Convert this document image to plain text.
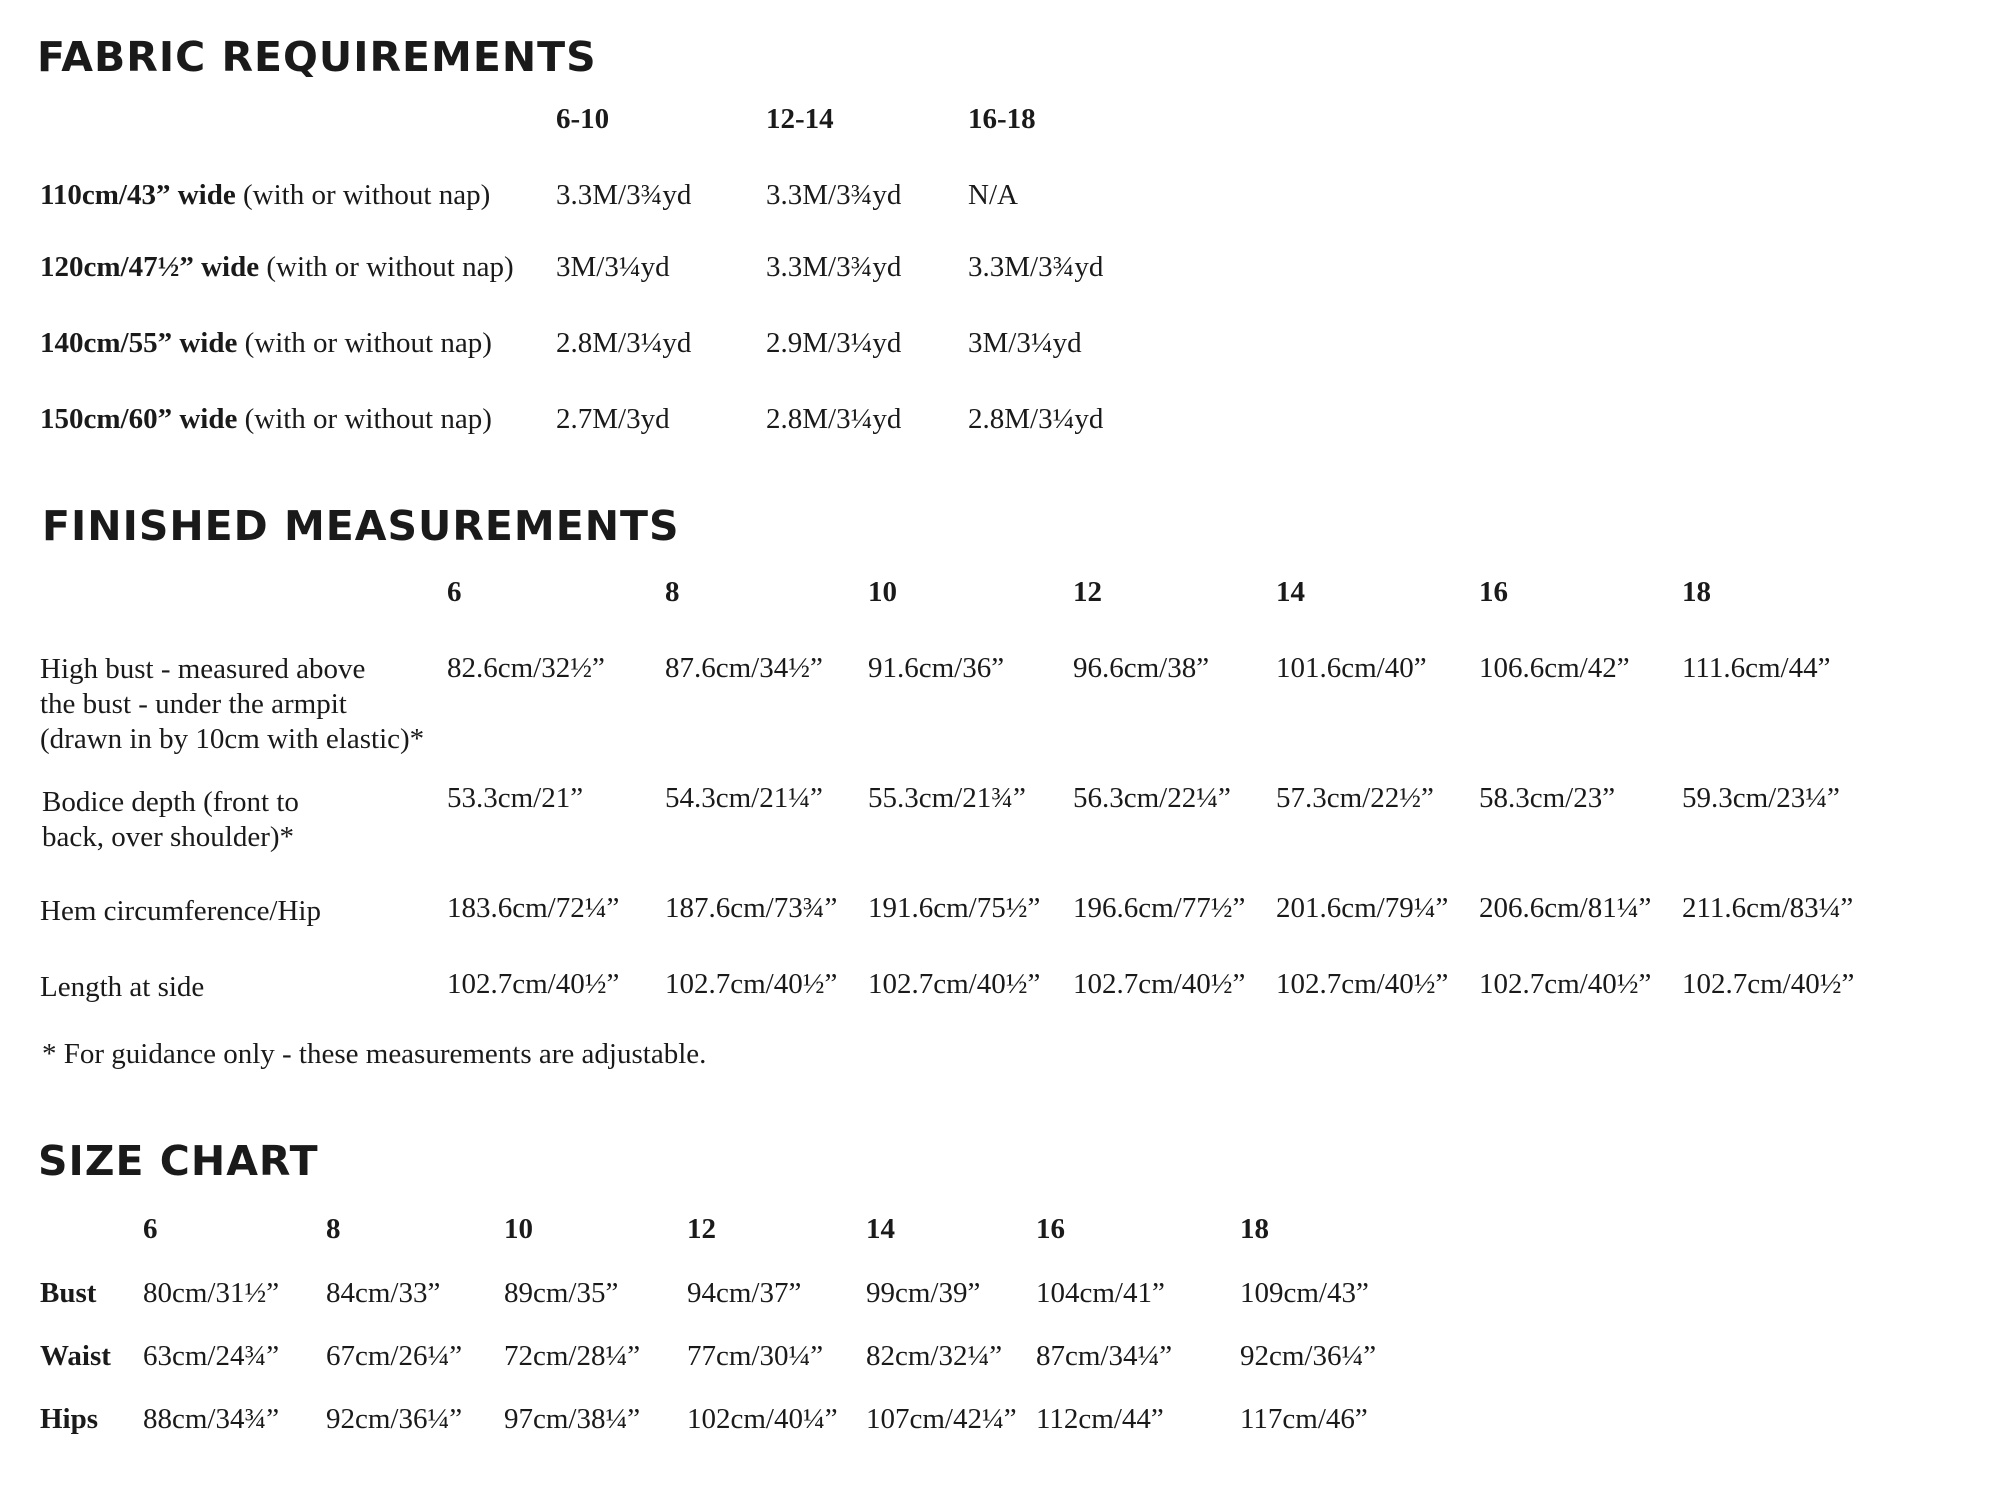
FABRIC REQUIREMENTS
6-10	12-14	16-18
110cm/43” wide (with or without nap) 3.3M/3¾yd	3.3M/3¾yd N/A
120cm/47½” wide (with or without nap) 3M/3¼yd	3.3M/3¾yd 3.3M/3¾yd
140cm/55” wide (with or without nap) 2.8M/3¼yd	2.9M/3¼yd 3M/3¼yd
150cm/60” wide (with or without nap) 2.7M/3yd	2.8M/3¼yd 2.8M/3¼yd
FINISHED MEASUREMENTS
6	8	10	12	14	16	18
High bust - measured above
the bust - under the armpit
(drawn in by 10cm with elastic)*
82.6cm/32½” 87.6cm/34½” 91.6cm/36” 96.6cm/38” 101.6cm/40” 106.6cm/42” 111.6cm/44”
Bodice depth (front to
back, over shoulder)*
53.3cm/21”	54.3cm/21¼” 55.3cm/21¾” 56.3cm/22¼” 57.3cm/22½” 58.3cm/23” 59.3cm/23¼”
Hem circumference/Hip	183.6cm/72¼” 187.6cm/73¾” 191.6cm/75½” 196.6cm/77½” 201.6cm/79¼” 206.6cm/81¼” 211.6cm/83¼”
Length at side	102.7cm/40½” 102.7cm/40½” 102.7cm/40½” 102.7cm/40½” 102.7cm/40½” 102.7cm/40½” 102.7cm/40½”
* For guidance only - these measurements are adjustable.
SIZE CHART
6	8	10	12	14	16	18
Bust 80cm/31½” 84cm/33” 89cm/35” 94cm/37” 99cm/39” 104cm/41”	109cm/43”
Waist 63cm/24¾” 67cm/26¼” 72cm/28¼” 77cm/30¼” 82cm/32¼” 87cm/34¼” 92cm/36¼”
Hips 88cm/34¾” 92cm/36¼” 97cm/38¼” 102cm/40¼” 107cm/42¼” 112cm/44”	117cm/46”
